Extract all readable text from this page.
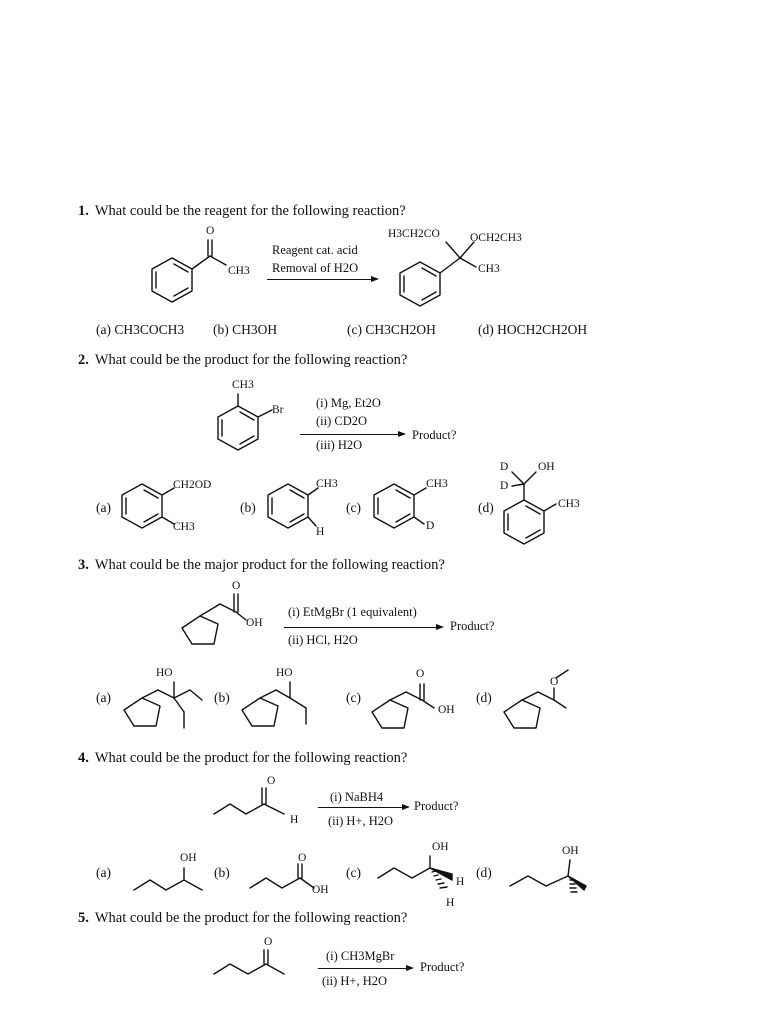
1. What could be the reagent for the following reaction?
O
CH3
Reagent cat. acid
Removal of H2O
H3CH2CO	OCH2CH3
CH3
(a) CH3COCH3 (b) CH3OH	(c) CH3CH2OH	(d) HOCH2CH2OH
2. What could be the product for the following reaction?
CH3
Br	(i) Mg, Et2O
(ii) CD2O
Product?
(iii) H2O
(a)
CH2OD
CH3
(b)
CH3
H
(c)
CH3
D
(d)
D
D
OH
CH3
3. What could be the major product for the following reaction?
O
OH
(i) EtMgBr (1 equivalent)
Product?
(ii) HCl, H2O
(a)
HO
(b)
HO
(c)
O
OH
(d)
O
4. What could be the product for the following reaction?
O
H
(i) NaBH4
Product?
(ii) H+, H2O
(a)
OH
(b)
O
OH
(c)
OH
H
H
(d)
OH
5. What could be the product for the following reaction?
O
(i) CH3MgBr
Product?
(ii) H+, H2O
